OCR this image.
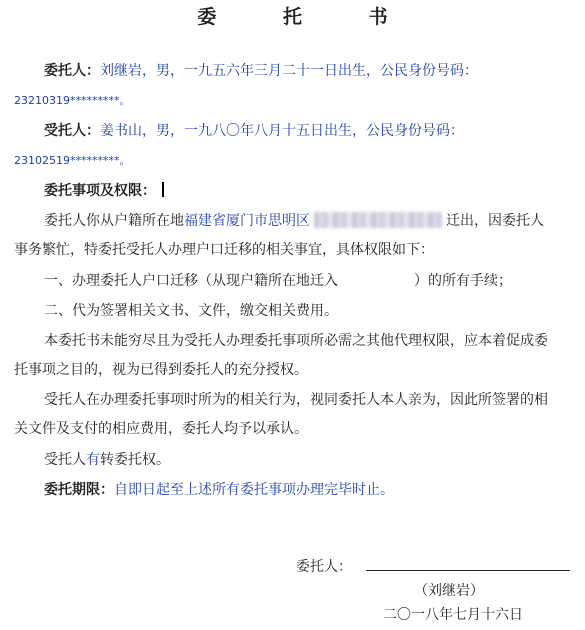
委 托 书
委托人：刘继岩，男，一九五六年三月二十一日出生，公民身份号码：
23210319*********。
受托人：姜书山，男，一九八〇年八月十五日出生，公民身份号码：
23102519*********。
委托事项及权限：
委托人你从户籍所在地福建省厦门市思明区	迁出，因委托人
事务繁忙，特委托受托人办理户口迁移的相关事宜，具体权限如下：
一、办理委托人户口迁移（从现户籍所在地迁入	）的所有手续；
二、代为签署相关文书、文件，缴交相关费用。
本委托书未能穷尽且为受托人办理委托事项所必需之其他代理权限，应本着促成委
托事项之目的，视为已得到委托人的充分授权。
受托人在办理委托事项时所为的相关行为，视同委托人本人亲为，因此所签署的相
关文件及支付的相应费用，委托人均予以承认。
受托人有转委托权。
委托期限：自即日起至上述所有委托事项办理完毕时止。
委托人：
（刘继岩）
二〇一八年七月十六日
